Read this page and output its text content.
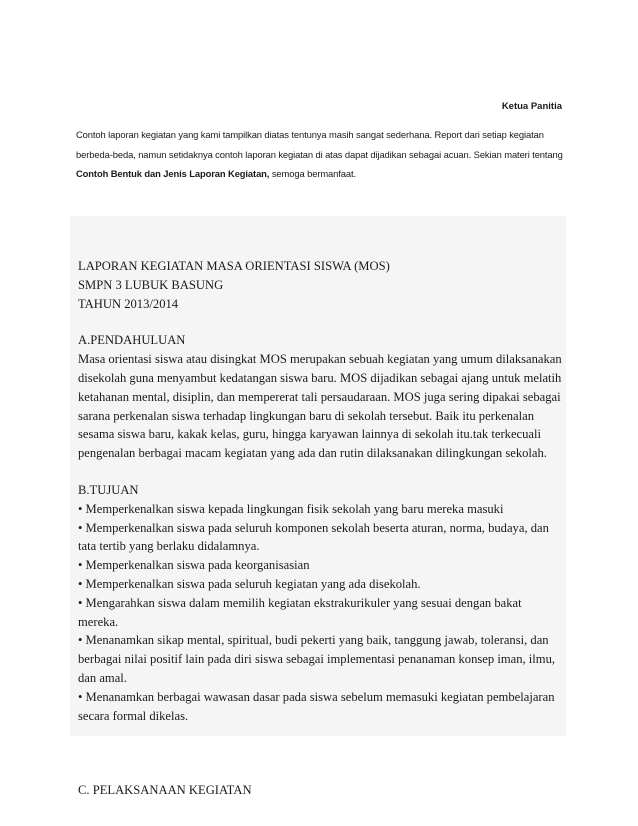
Ketua Panitia

Contoh laporan kegiatan yang kami tampilkan diatas tentunya masih sangat sederhana. Report dari setiap kegiatan berbeda-beda, namun setidaknya contoh laporan kegiatan di atas dapat dijadikan sebagai acuan. Sekian materi tentang Contoh Bentuk dan Jenis Laporan Kegiatan, semoga bermanfaat.

LAPORAN KEGIATAN MASA ORIENTASI SISWA (MOS)

SMPN 3 LUBUK BASUNG

TAHUN 2013/2014

A.PENDAHULUAN

Masa orientasi siswa atau disingkat MOS merupakan sebuah kegiatan yang umum dilaksanakan disekolah guna menyambut kedatangan siswa baru. MOS dijadikan sebagai ajang untuk melatih ketahanan mental, disiplin, dan mempererat tali persaudaraan. MOS juga sering dipakai sebagai sarana perkenalan siswa terhadap lingkungan baru di sekolah tersebut. Baik itu perkenalan sesama siswa baru, kakak kelas, guru, hingga karyawan lainnya di sekolah itu.tak terkecuali pengenalan berbagai macam kegiatan yang ada dan rutin dilaksanakan dilingkungan sekolah.

B.TUJUAN

• Memperkenalkan siswa kepada lingkungan fisik sekolah yang baru mereka masuki

• Memperkenalkan siswa pada seluruh komponen sekolah beserta aturan, norma, budaya, dan tata tertib yang berlaku didalamnya.

• Memperkenalkan siswa pada keorganisasian

• Memperkenalkan siswa pada seluruh kegiatan yang ada disekolah.

• Mengarahkan siswa dalam memilih kegiatan ekstrakurikuler yang sesuai dengan bakat mereka.

• Menanamkan sikap mental, spiritual, budi pekerti yang baik, tanggung jawab, toleransi, dan berbagai nilai positif lain pada diri siswa sebagai implementasi penanaman konsep iman, ilmu, dan amal.

• Menanamkan berbagai wawasan dasar pada siswa sebelum memasuki kegiatan pembelajaran secara formal dikelas.

C. PELAKSANAAN KEGIATAN
